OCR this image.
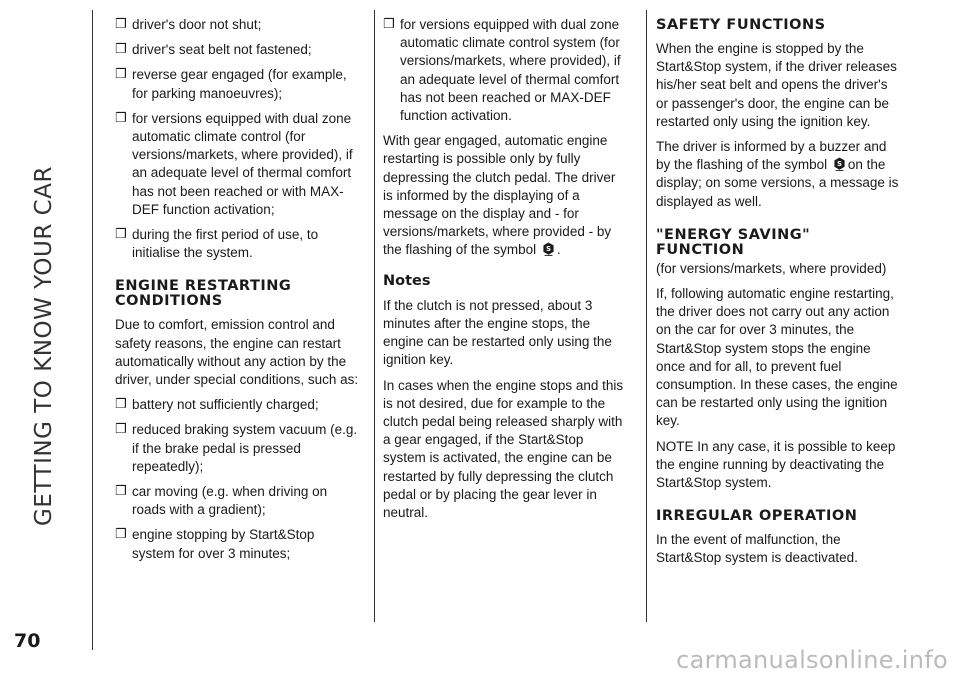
GETTING TO KNOW YOUR CAR
❒ driver's door not shut;
❒ driver's seat belt not fastened;
❒ reverse gear engaged (for example, for parking manoeuvres);
❒ for versions equipped with dual zone automatic climate control (for versions/markets, where provided), if an adequate level of thermal comfort has not been reached or with MAX-DEF function activation;
❒ during the first period of use, to initialise the system.
ENGINE RESTARTING CONDITIONS

Due to comfort, emission control and safety reasons, the engine can restart automatically without any action by the driver, under special conditions, such as:

❒ battery not sufficiently charged;
❒ reduced braking system vacuum (e.g. if the brake pedal is pressed repeatedly);
❒ car moving (e.g. when driving on roads with a gradient);
❒ engine stopping by Start&Stop system for over 3 minutes;
❒ for versions equipped with dual zone automatic climate control system (for versions/markets, where provided), if an adequate level of thermal comfort has not been reached or MAX-DEF function activation.

With gear engaged, automatic engine restarting is possible only by fully depressing the clutch pedal. The driver is informed by the displaying of a message on the display and - for versions/markets, where provided - by the flashing of the symbol S .

Notes

If the clutch is not pressed, about 3 minutes after the engine stops, the engine can be restarted only using the ignition key.

In cases when the engine stops and this is not desired, due for example to the clutch pedal being released sharply with a gear engaged, if the Start&Stop system is activated, the engine can be restarted by fully depressing the clutch pedal or by placing the gear lever in neutral.

SAFETY FUNCTIONS

When the engine is stopped by the Start&Stop system, if the driver releases his/her seat belt and opens the driver's or passenger's door, the engine can be restarted only using the ignition key.

The driver is informed by a buzzer and by the flashing of the symbol S on the display; on some versions, a message is displayed as well.

"ENERGY SAVING" FUNCTION

(for versions/markets, where provided)

If, following automatic engine restarting, the driver does not carry out any action on the car for over 3 minutes, the Start&Stop system stops the engine once and for all, to prevent fuel consumption. In these cases, the engine can be restarted only using the ignition key.

NOTE In any case, it is possible to keep the engine running by deactivating the Start&Stop system.

IRREGULAR OPERATION

In the event of malfunction, the Start&Stop system is deactivated.

70
carmanualsonline.info
